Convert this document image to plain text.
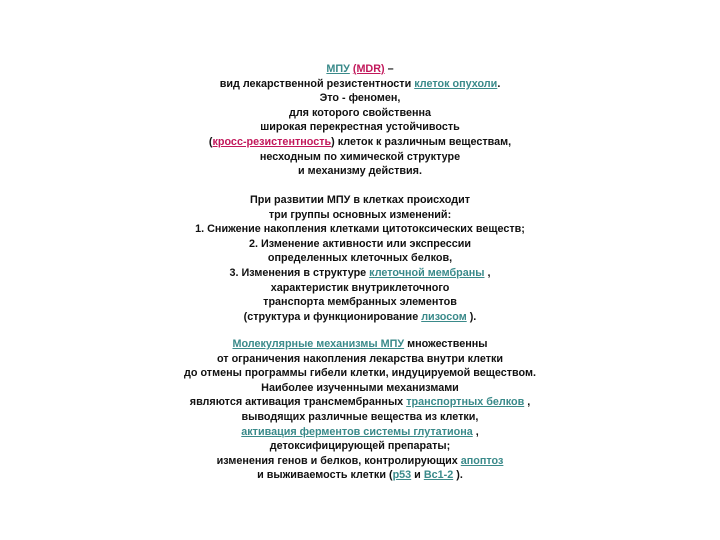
МПУ (MDR) –
вид лекарственной резистентности клеток опухоли.
Это - феномен,
для которого свойственна
широкая перекрестная устойчивость
(кросс-резистентность) клеток к различным веществам,
несходным по химической структуре
и механизму действия.
При развитии МПУ в клетках происходит
три группы основных изменений:
1. Снижение накопления клетками цитотоксических веществ;
2. Изменение активности или экспрессии
определенных клеточных белков,
3. Изменения в структуре клеточной мембраны ,
характеристик внутриклеточного
транспорта мембранных элементов
(структура и функционирование лизосом ).
Молекулярные механизмы МПУ множественны
от ограничения накопления лекарства внутри клетки
до отмены программы гибели клетки, индуцируемой веществом.
Наиболее изученными механизмами
являются активация трансмембранных транспортных белков ,
выводящих различные вещества из клетки,
активация ферментов системы глутатиона ,
детоксифицирующей препараты;
изменения генов и белков, контролирующих апоптоз
и выживаемость клетки (р53 и Bc1-2 ).
